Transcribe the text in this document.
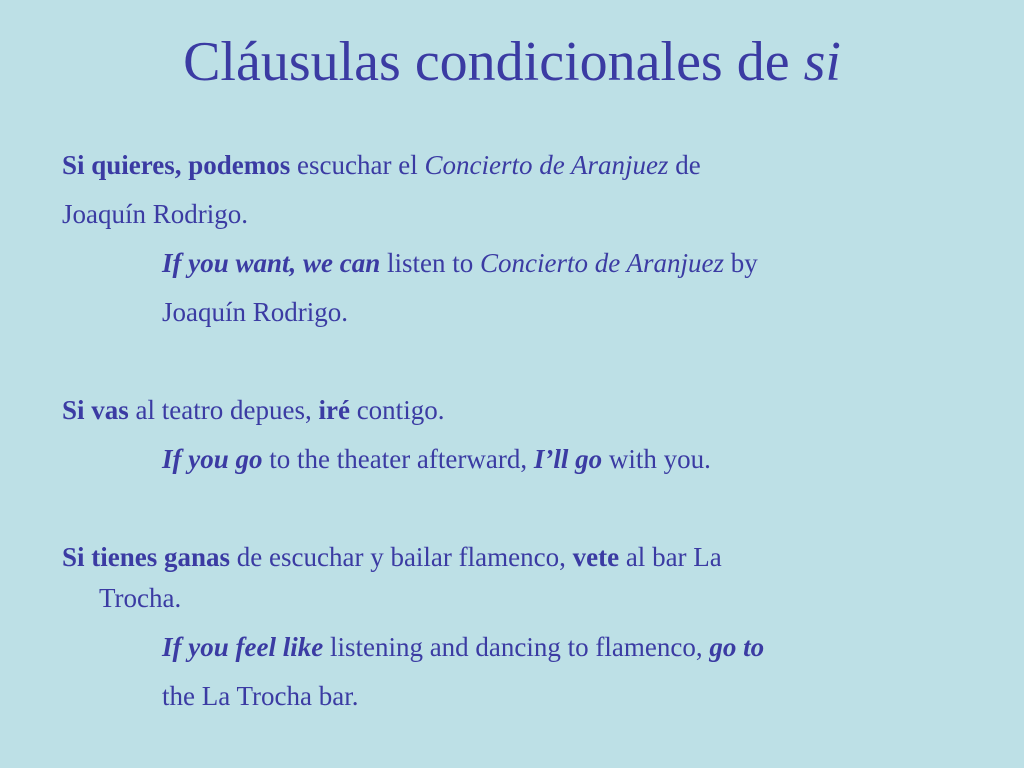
Cláusulas condicionales de si
Si quieres, podemos escuchar el Concierto de Aranjuez de
Joaquín Rodrigo.
If you want, we can listen to Concierto de Aranjuez by
Joaquín Rodrigo.
Si vas al teatro depues, iré contigo.
If you go to the theater afterward, I’ll go with you.
Si tienes ganas de escuchar y bailar flamenco, vete al bar La
Trocha.
If you feel like listening and dancing to flamenco, go to
the La Trocha bar.
